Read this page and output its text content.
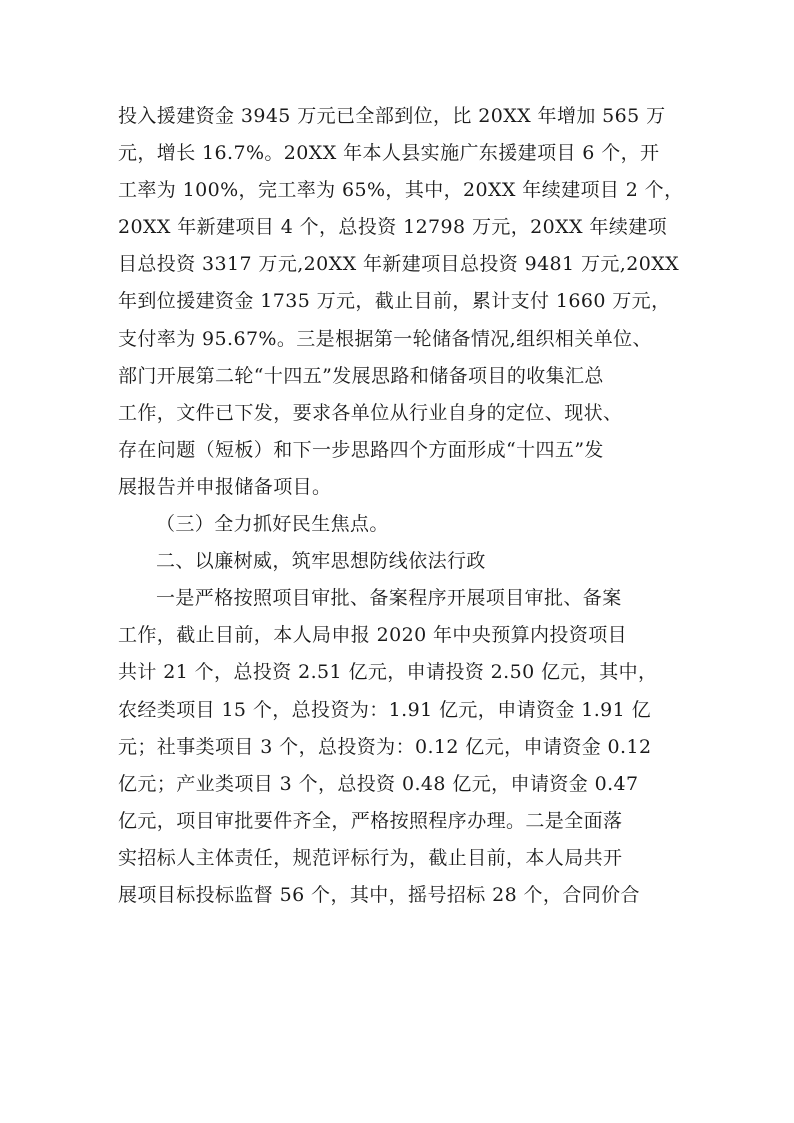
投入援建资金 3945 万元已全部到位，比 20XX 年增加 565 万
元，增长 16.7%。20XX 年本人县实施广东援建项目 6 个，开
工率为 100%，完工率为 65%，其中，20XX 年续建项目 2 个，
20XX 年新建项目 4 个，总投资 12798 万元，20XX 年续建项
目总投资 3317 万元,20XX 年新建项目总投资 9481 万元,20XX
年到位援建资金 1735 万元，截止目前，累计支付 1660 万元，
支付率为 95.67%。三是根据第一轮储备情况,组织相关单位、
部门开展第二轮“十四五”发展思路和储备项目的收集汇总
工作，文件已下发，要求各单位从行业自身的定位、现状、
存在问题（短板）和下一步思路四个方面形成“十四五”发
展报告并申报储备项目。
（三）全力抓好民生焦点。
二、以廉树威，筑牢思想防线依法行政
一是严格按照项目审批、备案程序开展项目审批、备案
工作，截止目前，本人局申报 2020 年中央预算内投资项目
共计 21 个，总投资 2.51 亿元，申请投资 2.50 亿元，其中，
农经类项目 15 个，总投资为：1.91 亿元，申请资金 1.91 亿
元；社事类项目 3 个，总投资为：0.12 亿元，申请资金 0.12
亿元；产业类项目 3 个，总投资 0.48 亿元，申请资金 0.47
亿元，项目审批要件齐全，严格按照程序办理。二是全面落
实招标人主体责任，规范评标行为，截止目前，本人局共开
展项目标投标监督 56 个，其中，摇号招标 28 个，合同价合
